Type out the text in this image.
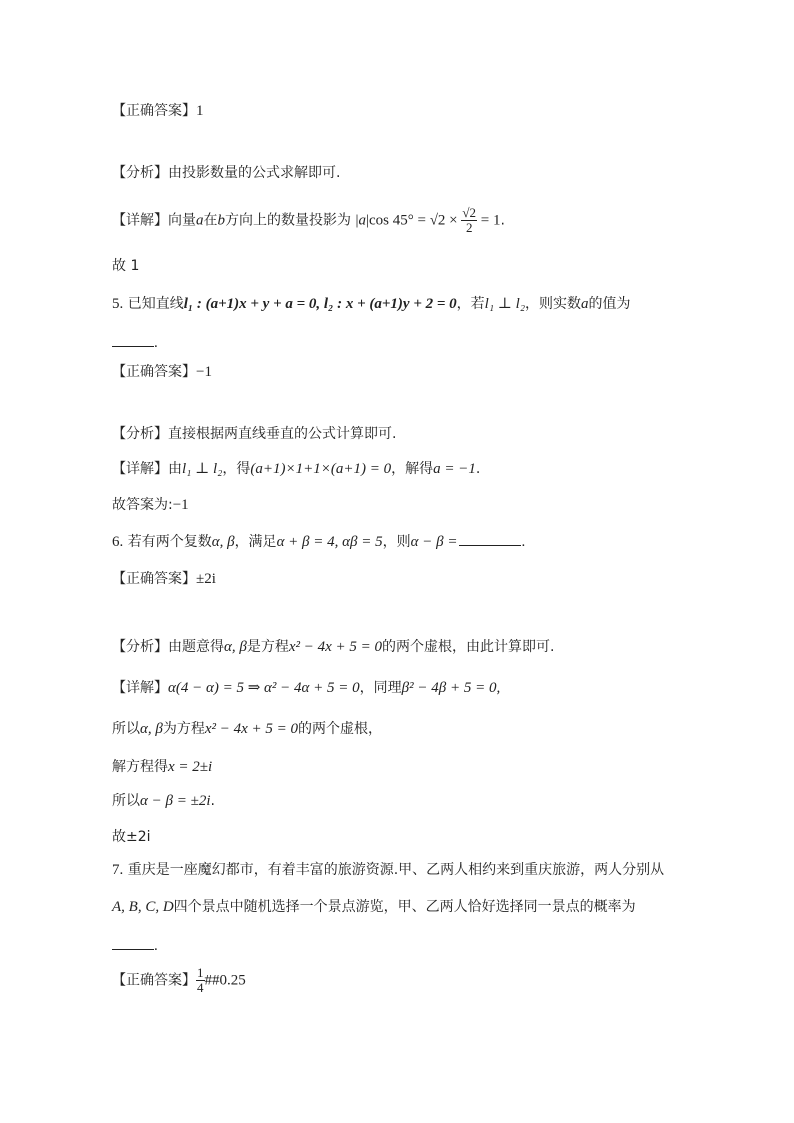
【正确答案】1
【分析】由投影数量的公式求解即可.
【详解】向量a在b方向上的数量投影为 |a|cos $45^\circ = √2 \times \frac{√2}{2} = 1$.
故 1
5. 已知直线l₁ : (a+1)x + y + a = 0, l₂ : x + (a+1)y + 2 = 0，若l₁ ⊥ l₂，则实数a的值为
.
【正确答案】−1
【分析】直接根据两直线垂直的公式计算即可.
【详解】由l₁ ⊥ l₂，得(a+1)×1+1×(a+1) = 0，解得a = −1.
故答案为:−1
6. 若有两个复数α, β，满足α + β = 4, αβ = 5，则α − β =	.
【正确答案】±2i
【分析】由题意得α, β是方程x² − 4x + 5 = 0的两个虚根，由此计算即可.
【详解】α(4 − α) = 5 ⇒ α² − 4α + 5 = 0，同理β² − 4β + 5 = 0,
所以α, β为方程x² − 4x + 5 = 0的两个虚根，
解方程得x = 2±i
所以α − β = ±2i.
故±2i
7. 重庆是一座魔幻都市，有着丰富的旅游资源.甲、乙两人相约来到重庆旅游，两人分别从
A, B, C, D四个景点中随机选择一个景点游览，甲、乙两人恰好选择同一景点的概率为
.
【正确答案】 $\frac{1}{4}$ ##0.25
